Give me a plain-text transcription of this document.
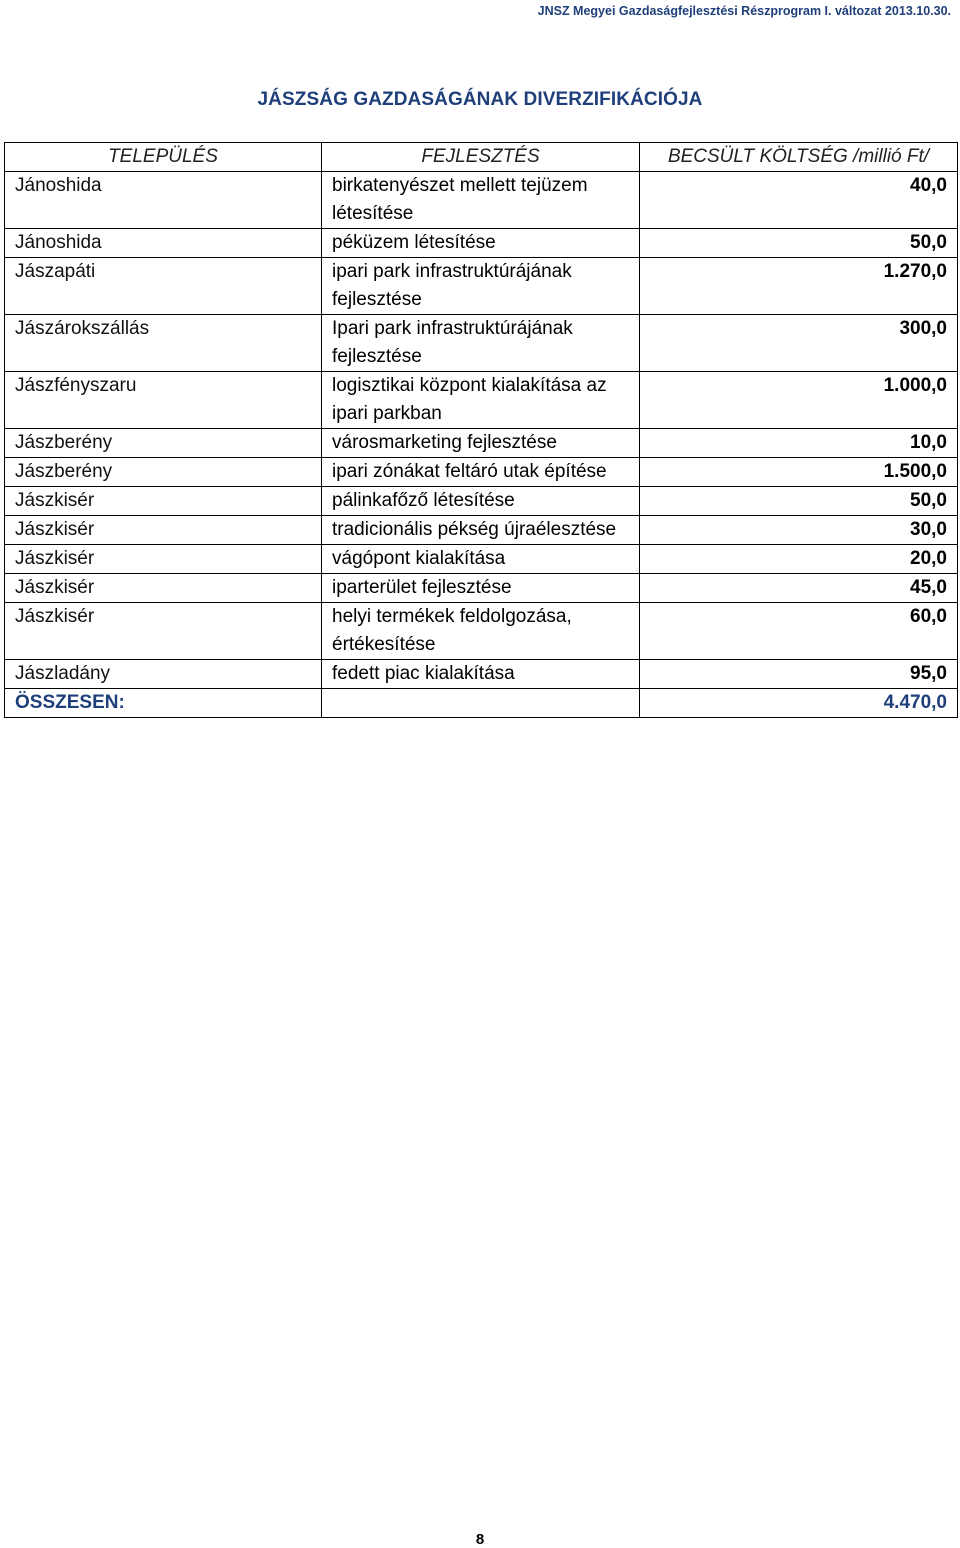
JNSZ Megyei Gazdaságfejlesztési Részprogram I. változat 2013.10.30.
JÁSZSÁG GAZDASÁGÁNAK DIVERZIFIKÁCIÓJA
TELEPÜLÉS	FEJLESZTÉS	BECSÜLT KÖLTSÉG /millió Ft/
Jánoshida	birkatenyészet mellett tejüzem létesítése	40,0
Jánoshida	péküzem létesítése	50,0
Jászapáti	ipari park infrastruktúrájának fejlesztése	1.270,0
Jászárokszállás	Ipari park infrastruktúrájának fejlesztése	300,0
Jászfényszaru	logisztikai központ kialakítása az ipari parkban	1.000,0
Jászberény	városmarketing fejlesztése	10,0
Jászberény	ipari zónákat feltáró utak építése	1.500,0
Jászkisér	pálinkafőző létesítése	50,0
Jászkisér	tradicionális pékség újraélesztése	30,0
Jászkisér	vágópont kialakítása	20,0
Jászkisér	iparterület fejlesztése	45,0
Jászkisér	helyi termékek feldolgozása, értékesítése	60,0
Jászladány	fedett piac kialakítása	95,0
ÖSSZESEN:		4.470,0
8
